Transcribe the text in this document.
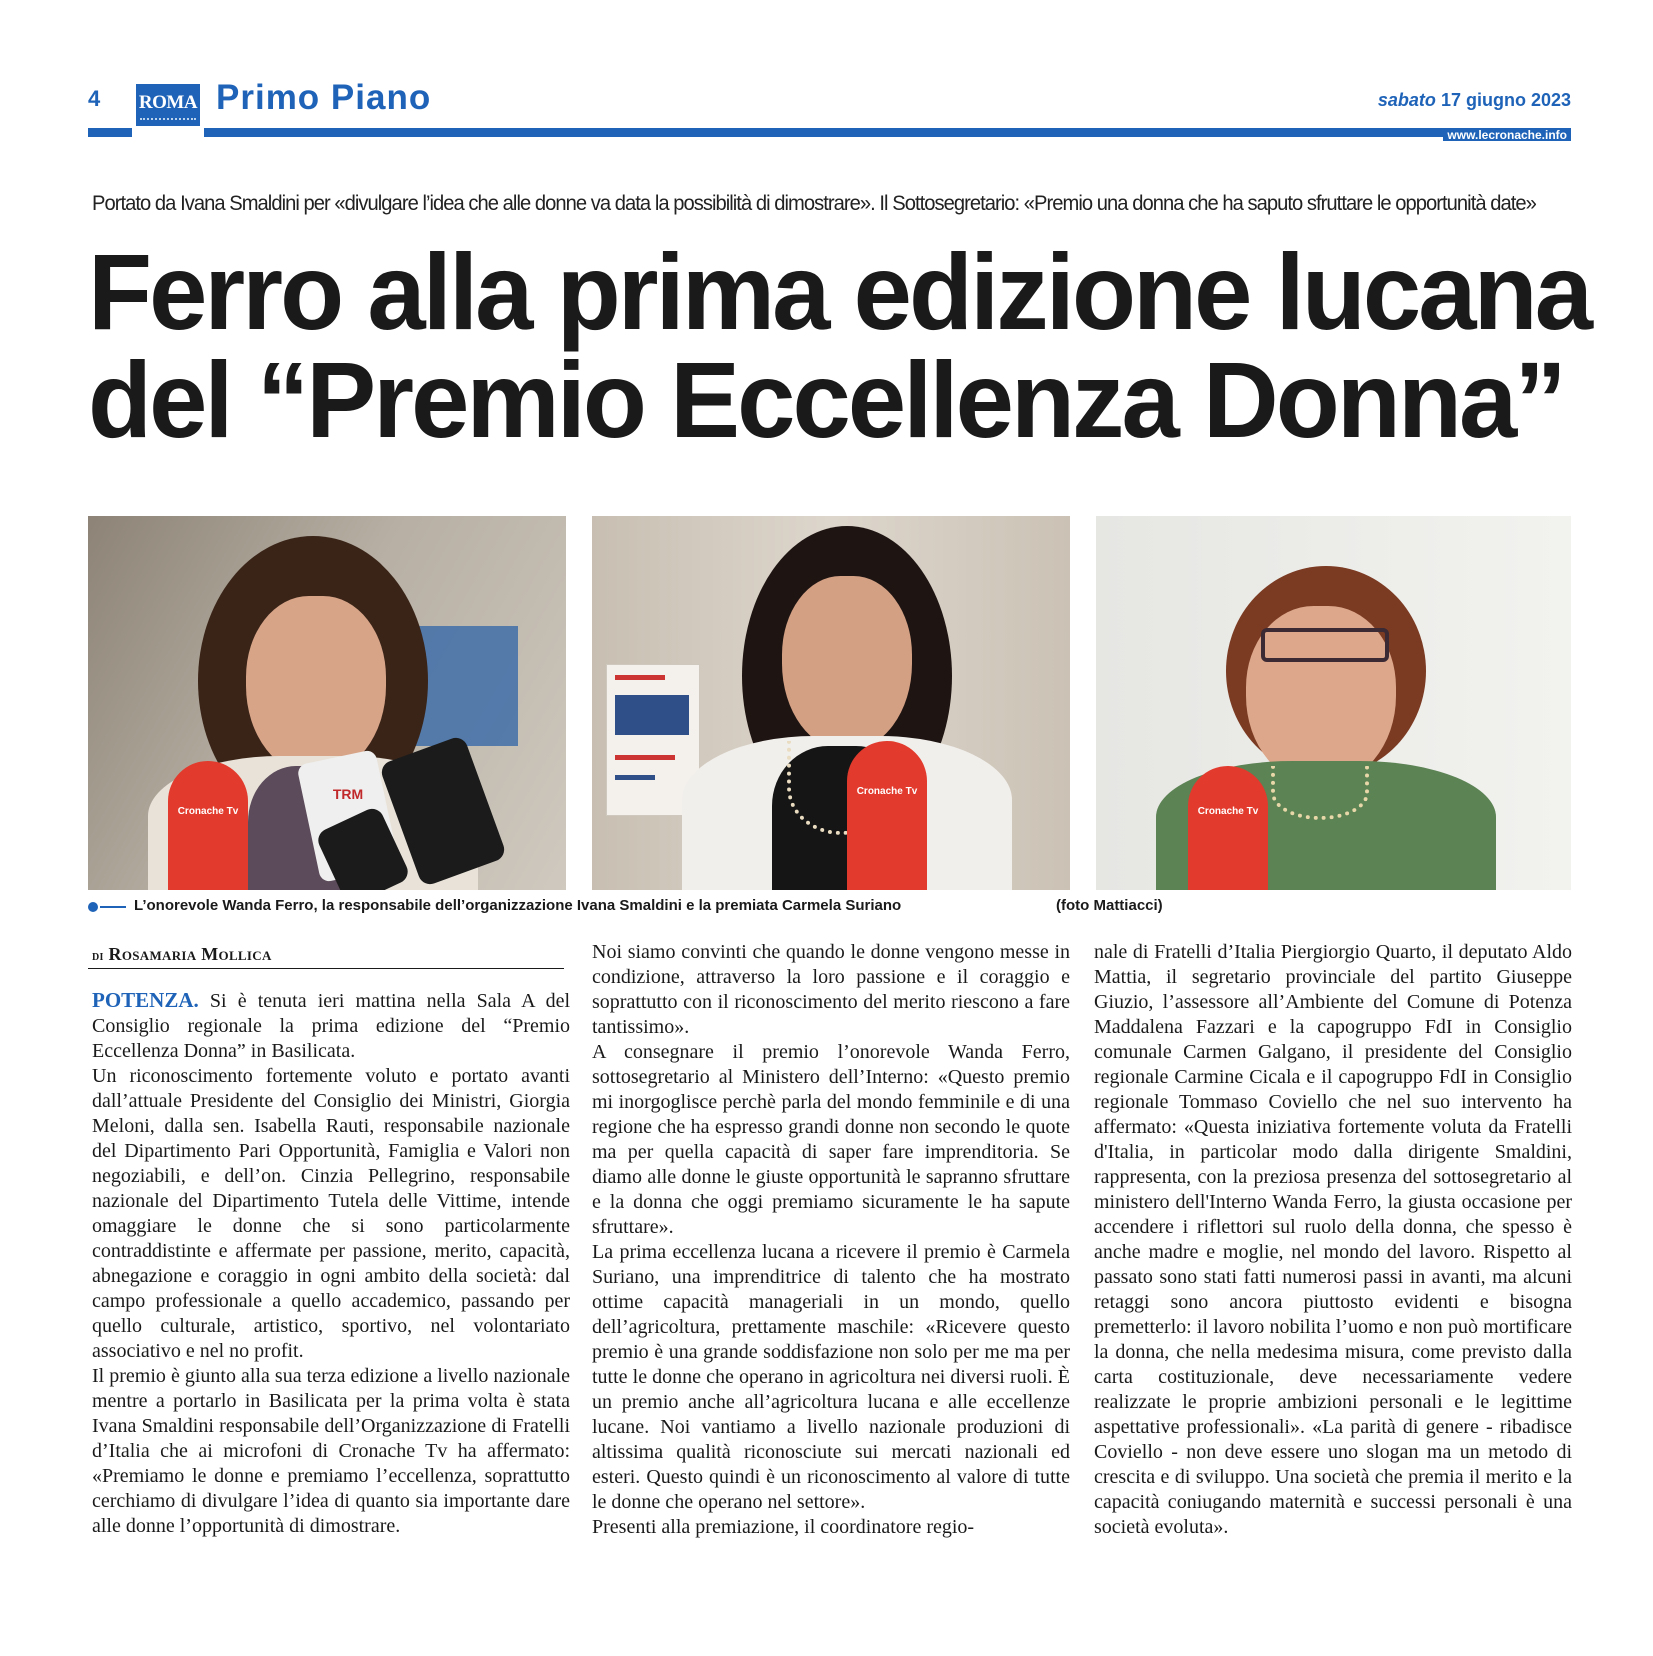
4 ROMA Primo Piano	sabato 17 giugno 2023
www.lecronache.info
Portato da Ivana Smaldini per «divulgare l’idea che alle donne va data la possibilità di dimostrare». Il Sottosegretario: «Premio una donna che ha saputo sfruttare le opportunità date»
Ferro alla prima edizione lucana
del “Premio Eccellenza Donna”

Cronache Tv
TRM	Cronache Tv
Cronache Tv
L’onorevole Wanda Ferro, la responsabile dell’organizzazione Ivana Smaldini e la premiata Carmela Suriano	(foto Mattiacci)
di Rosamaria Mollica

POTENZA. Si è tenuta ieri mattina nella Sala A del Consiglio regionale la prima edizione del “Premio Eccellenza Donna” in Basilicata.

Un riconoscimento fortemente voluto e portato avanti dall’attuale Presidente del Consiglio dei Ministri, Giorgia Meloni, dalla sen. Isabella Rauti, responsabile nazionale del Dipartimento Pari Opportunità, Famiglia e Valori non negoziabili, e dell’on. Cinzia Pellegrino, responsabile nazionale del Dipartimento Tutela delle Vittime, intende omaggiare le donne che si sono particolarmente contraddistinte e affermate per passione, merito, capacità, abnegazione e coraggio in ogni ambito della società: dal campo professionale a quello accademico, passando per quello culturale, artistico, sportivo, nel volontariato associativo e nel no profit.

Il premio è giunto alla sua terza edizione a livello nazionale mentre a portarlo in Basilicata per la prima volta è stata Ivana Smaldini responsabile dell’Organizzazione di Fratelli d’Italia che ai microfoni di Cronache Tv ha affermato: «Premiamo le donne e premiamo l’eccellenza, soprattutto cerchiamo di divulgare l’idea di quanto sia importante dare alle donne l’opportunità di dimostrare.

Noi siamo convinti che quando le donne vengono messe in condizione, attraverso la loro passione e il coraggio e soprattutto con il riconoscimento del merito riescono a fare tantissimo».

A consegnare il premio l’onorevole Wanda Ferro, sottosegretario al Ministero dell’Interno: «Questo premio mi inorgoglisce perchè parla del mondo femminile e di una regione che ha espresso grandi donne non secondo le quote ma per quella capacità di saper fare imprenditoria. Se diamo alle donne le giuste opportunità le sapranno sfruttare e la donna che oggi premiamo sicuramente le ha sapute sfruttare».

La prima eccellenza lucana a ricevere il premio è Carmela Suriano, una imprenditrice di talento che ha mostrato ottime capacità manageriali in un mondo, quello dell’agricoltura, prettamente maschile: «Ricevere questo premio è una grande soddisfazione non solo per me ma per tutte le donne che operano in agricoltura nei diversi ruoli. È un premio anche all’agricoltura lucana e alle eccellenze lucane. Noi vantiamo a livello nazionale produzioni di altissima qualità riconosciute sui mercati nazionali ed esteri. Questo quindi è un riconoscimento al valore di tutte le donne che operano nel settore».

Presenti alla premiazione, il coordinatore regio-

nale di Fratelli d’Italia Piergiorgio Quarto, il deputato Aldo Mattia, il segretario provinciale del partito Giuseppe Giuzio, l’assessore all’Ambiente del Comune di Potenza Maddalena Fazzari e la capogruppo FdI in Consiglio comunale Carmen Galgano, il presidente del Consiglio regionale Carmine Cicala e il capogruppo FdI in Consiglio regionale Tommaso Coviello che nel suo intervento ha affermato: «Questa iniziativa fortemente voluta da Fratelli d'Italia, in particolar modo dalla dirigente Smaldini, rappresenta, con la preziosa presenza del sottosegretario al ministero dell'Interno Wanda Ferro, la giusta occasione per accendere i riflettori sul ruolo della donna, che spesso è anche madre e moglie, nel mondo del lavoro. Rispetto al passato sono stati fatti numerosi passi in avanti, ma alcuni retaggi sono ancora piuttosto evidenti e bisogna premetterlo: il lavoro nobilita l’uomo e non può mortificare la donna, che nella medesima misura, come previsto dalla carta costituzionale, deve necessariamente vedere realizzate le proprie ambizioni personali e le legittime aspettative professionali». «La parità di genere - ribadisce Coviello - non deve essere uno slogan ma un metodo di crescita e di sviluppo. Una società che premia il merito e la capacità coniugando maternità e successi personali è una società evoluta».
